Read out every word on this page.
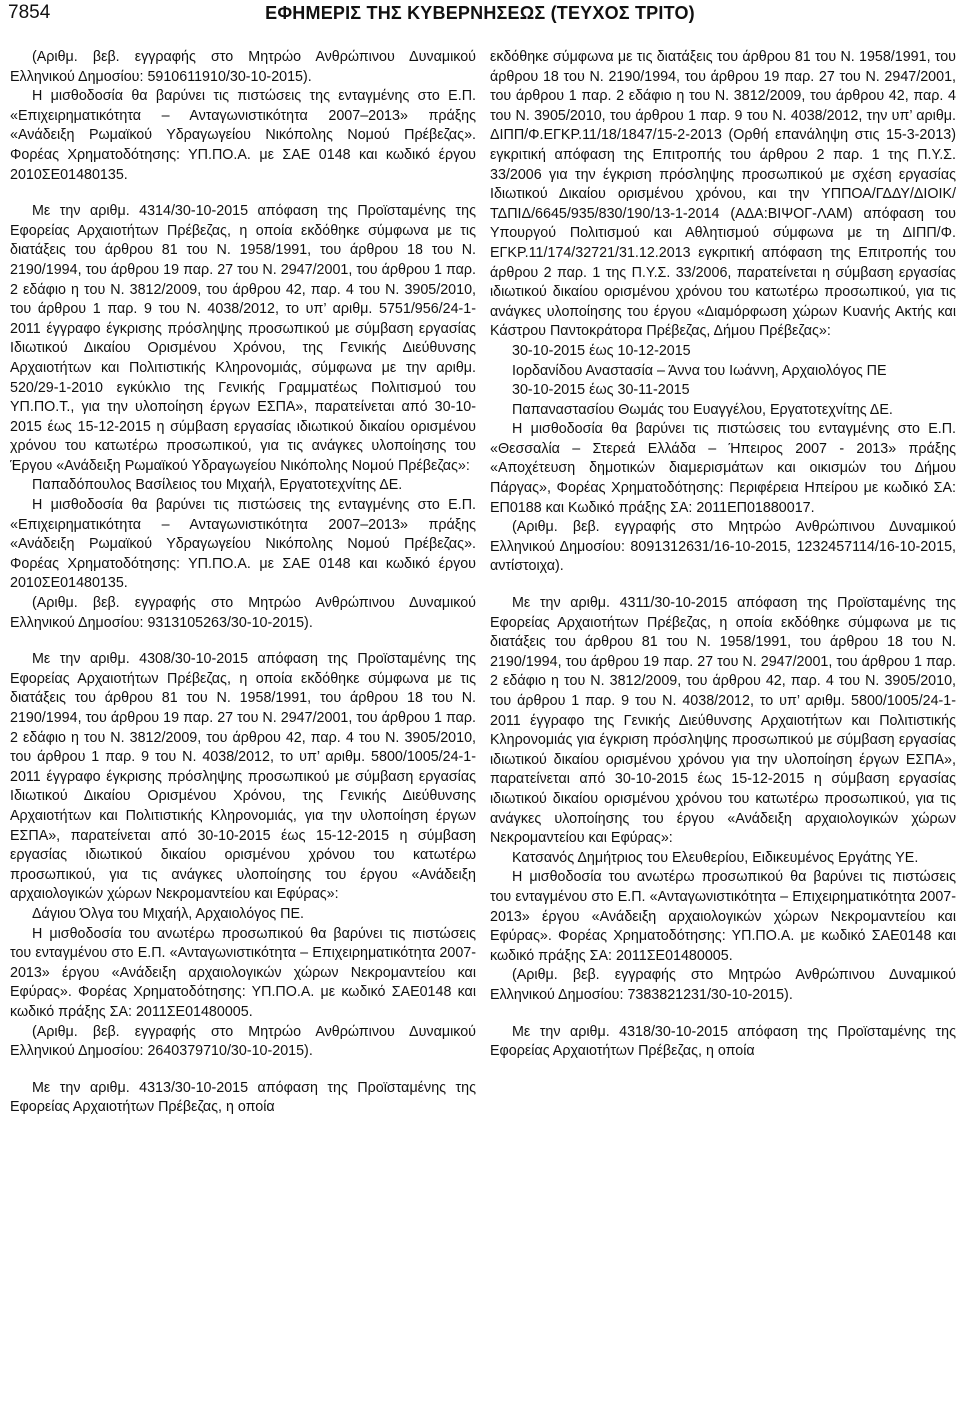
7854	ΕΦΗΜΕΡΙΣ ΤΗΣ ΚΥΒΕΡΝΗΣΕΩΣ (ΤΕΥΧΟΣ ΤΡΙΤΟ)

(Αριθμ. βεβ. εγγραφής στο Μητρώο Ανθρώπινου Δυναμικού Ελληνικού Δημοσίου: 5910611910/30-10-2015).

Η μισθοδοσία θα βαρύνει τις πιστώσεις της ενταγμένης στο Ε.Π. «Επιχειρηματικότητα – Ανταγωνιστικότητα 2007–2013» πράξης «Ανάδειξη Ρωμαϊκού Υδραγωγείου Νικόπολης Νομού Πρέβεζας». Φορέας Χρηματοδότησης: ΥΠ.ΠΟ.Α. με ΣΑΕ 0148 και κωδικό έργου 2010ΣΕ01480135.

Με την αριθμ. 4314/30-10-2015 απόφαση της Προϊσταμένης της Εφορείας Αρχαιοτήτων Πρέβεζας, η οποία εκδόθηκε σύμφωνα με τις διατάξεις του άρθρου 81 του Ν. 1958/1991, του άρθρου 18 του Ν. 2190/1994, του άρθρου 19 παρ. 27 του Ν. 2947/2001, του άρθρου 1 παρ. 2 εδάφιο η του Ν. 3812/2009, του άρθρου 42, παρ. 4 του Ν. 3905/2010, του άρθρου 1 παρ. 9 του Ν. 4038/2012, το υπ’ αριθμ. 5751/956/24-1-2011 έγγραφο έγκρισης πρόσληψης προσωπικού με σύμβαση εργασίας Ιδιωτικού Δικαίου Ορισμένου Χρόνου, της Γενικής Διεύθυνσης Αρχαιοτήτων και Πολιτιστικής Κληρονομιάς, σύμφωνα με την αριθμ. 520/29-1-2010 εγκύκλιο της Γενικής Γραμματέως Πολιτισμού του ΥΠ.ΠΟ.Τ., για την υλοποίηση έργων ΕΣΠΑ», παρατείνεται από 30-10-2015 έως 15-12-2015 η σύμβαση εργασίας ιδιωτικού δικαίου ορισμένου χρόνου του κατωτέρω προσωπικού, για τις ανάγκες υλοποίησης του Έργου «Ανάδειξη Ρωμαϊκού Υδραγωγείου Νικόπολης Νομού Πρέβεζας»:

Παπαδόπουλος Βασίλειος του Μιχαήλ, Εργατοτεχνίτης ΔΕ.

Η μισθοδοσία θα βαρύνει τις πιστώσεις της ενταγμένης στο Ε.Π. «Επιχειρηματικότητα – Ανταγωνιστικότητα 2007–2013» πράξης «Ανάδειξη Ρωμαϊκού Υδραγωγείου Νικόπολης Νομού Πρέβεζας». Φορέας Χρηματοδότησης: ΥΠ.ΠΟ.Α. με ΣΑΕ 0148 και κωδικό έργου 2010ΣΕ01480135.

(Αριθμ. βεβ. εγγραφής στο Μητρώο Ανθρώπινου Δυναμικού Ελληνικού Δημοσίου: 9313105263/30-10-2015).

Με την αριθμ. 4308/30-10-2015 απόφαση της Προϊσταμένης της Εφορείας Αρχαιοτήτων Πρέβεζας, η οποία εκδόθηκε σύμφωνα με τις διατάξεις του άρθρου 81 του Ν. 1958/1991, του άρθρου 18 του Ν. 2190/1994, του άρθρου 19 παρ. 27 του Ν. 2947/2001, του άρθρου 1 παρ. 2 εδάφιο η του Ν. 3812/2009, του άρθρου 42, παρ. 4 του Ν. 3905/2010, του άρθρου 1 παρ. 9 του Ν. 4038/2012, το υπ’ αριθμ. 5800/1005/24-1-2011 έγγραφο έγκρισης πρόσληψης προσωπικού με σύμβαση εργασίας Ιδιωτικού Δικαίου Ορισμένου Χρόνου, της Γενικής Διεύθυνσης Αρχαιοτήτων και Πολιτιστικής Κληρονομιάς, για την υλοποίηση έργων ΕΣΠΑ», παρατείνεται από 30-10-2015 έως 15-12-2015 η σύμβαση εργασίας ιδιωτικού δικαίου ορισμένου χρόνου του κατωτέρω προσωπικού, για τις ανάγκες υλοποίησης του έργου «Ανάδειξη αρχαιολογικών χώρων Νεκρομαντείου και Εφύρας»:

Δάγιου Όλγα του Μιχαήλ, Αρχαιολόγος ΠΕ.

Η μισθοδοσία του ανωτέρω προσωπικού θα βαρύνει τις πιστώσεις του ενταγμένου στο Ε.Π. «Ανταγωνιστικότητα – Επιχειρηματικότητα 2007-2013» έργου «Ανάδειξη αρχαιολογικών χώρων Νεκρομαντείου και Εφύρας». Φορέας Χρηματοδότησης: ΥΠ.ΠΟ.Α. με κωδικό ΣΑΕ0148 και κωδικό πράξης ΣΑ: 2011ΣΕ01480005.

(Αριθμ. βεβ. εγγραφής στο Μητρώο Ανθρώπινου Δυναμικού Ελληνικού Δημοσίου: 2640379710/30-10-2015).

Με την αριθμ. 4313/30-10-2015 απόφαση της Προϊσταμένης της Εφορείας Αρχαιοτήτων Πρέβεζας, η οποία

εκδόθηκε σύμφωνα με τις διατάξεις του άρθρου 81 του Ν. 1958/1991, του άρθρου 18 του Ν. 2190/1994, του άρθρου 19 παρ. 27 του Ν. 2947/2001, του άρθρου 1 παρ. 2 εδάφιο η του Ν. 3812/2009, του άρθρου 42, παρ. 4 του Ν. 3905/2010, του άρθρου 1 παρ. 9 του Ν. 4038/2012, την υπ’ αριθμ. ΔΙΠΠ/Φ.ΕΓΚΡ.11/18/1847/15-2-2013 (Ορθή επανάληψη στις 15-3-2013) εγκριτική απόφαση της Επιτροπής του άρθρου 2 παρ. 1 της Π.Υ.Σ. 33/2006 για την έγκριση πρόσληψης προσωπικού με σχέση εργασίας Ιδιωτικού Δικαίου ορισμένου χρόνου, και την ΥΠΠΟΑ/ΓΔΔΥ/ΔΙΟΙΚ/ΤΔΠΙΔ/6645/935/830/190/13-1-2014 (ΑΔΑ:ΒΙΨΟΓ-ΛΑΜ) απόφαση του Υπουργού Πολιτισμού και Αθλητισμού σύμφωνα με τη ΔΙΠΠ/Φ. ΕΓΚΡ.11/174/32721/31.12.2013 εγκριτική απόφαση της Επιτροπής του άρθρου 2 παρ. 1 της Π.Υ.Σ. 33/2006, παρατείνεται η σύμβαση εργασίας ιδιωτικού δικαίου ορισμένου χρόνου του κατωτέρω προσωπικού, για τις ανάγκες υλοποίησης του έργου «Διαμόρφωση χώρων Κυανής Ακτής και Κάστρου Παντοκράτορα Πρέβεζας, Δήμου Πρέβεζας»:

30-10-2015 έως 10-12-2015

Ιορδανίδου Αναστασία – Άννα του Ιωάννη, Αρχαιολόγος ΠΕ

30-10-2015 έως 30-11-2015

Παπαναστασίου Θωμάς του Ευαγγέλου, Εργατοτεχνίτης ΔΕ.

Η μισθοδοσία θα βαρύνει τις πιστώσεις του ενταγμένης στο Ε.Π. «Θεσσαλία – Στερεά Ελλάδα – Ήπειρος 2007 - 2013» πράξης «Αποχέτευση δημοτικών διαμερισμάτων και οικισμών του Δήμου Πάργας», Φορέας Χρηματοδότησης: Περιφέρεια Ηπείρου με κωδικό ΣΑ: ΕΠ0188 και Κωδικό πράξης ΣΑ: 2011ΕΠ01880017.

(Αριθμ. βεβ. εγγραφής στο Μητρώο Ανθρώπινου Δυναμικού Ελληνικού Δημοσίου: 8091312631/16-10-2015, 1232457114/16-10-2015, αντίστοιχα).

Με την αριθμ. 4311/30-10-2015 απόφαση της Προϊσταμένης της Εφορείας Αρχαιοτήτων Πρέβεζας, η οποία εκδόθηκε σύμφωνα με τις διατάξεις του άρθρου 81 του Ν. 1958/1991, του άρθρου 18 του Ν. 2190/1994, του άρθρου 19 παρ. 27 του Ν. 2947/2001, του άρθρου 1 παρ. 2 εδάφιο η του Ν. 3812/2009, του άρθρου 42, παρ. 4 του Ν. 3905/2010, του άρθρου 1 παρ. 9 του Ν. 4038/2012, το υπ’ αριθμ. 5800/1005/24-1-2011 έγγραφο της Γενικής Διεύθυνσης Αρχαιοτήτων και Πολιτιστικής Κληρονομιάς για έγκριση πρόσληψης προσωπικού με σύμβαση εργασίας ιδιωτικού δικαίου ορισμένου χρόνου για την υλοποίηση έργων ΕΣΠΑ», παρατείνεται από 30-10-2015 έως 15-12-2015 η σύμβαση εργασίας ιδιωτικού δικαίου ορισμένου χρόνου του κατωτέρω προσωπικού, για τις ανάγκες υλοποίησης του έργου «Ανάδειξη αρχαιολογικών χώρων Νεκρομαντείου και Εφύρας»:

Κατσανός Δημήτριος του Ελευθερίου, Ειδικευμένος Εργάτης ΥΕ.

Η μισθοδοσία του ανωτέρω προσωπικού θα βαρύνει τις πιστώσεις του ενταγμένου στο Ε.Π. «Ανταγωνιστικότητα – Επιχειρηματικότητα 2007-2013» έργου «Ανάδειξη αρχαιολογικών χώρων Νεκρομαντείου και Εφύρας». Φορέας Χρηματοδότησης: ΥΠ.ΠΟ.Α. με κωδικό ΣΑΕ0148 και κωδικό πράξης ΣΑ: 2011ΣΕ01480005.

(Αριθμ. βεβ. εγγραφής στο Μητρώο Ανθρώπινου Δυναμικού Ελληνικού Δημοσίου: 7383821231/30-10-2015).

Με την αριθμ. 4318/30-10-2015 απόφαση της Προϊσταμένης της Εφορείας Αρχαιοτήτων Πρέβεζας, η οποία
